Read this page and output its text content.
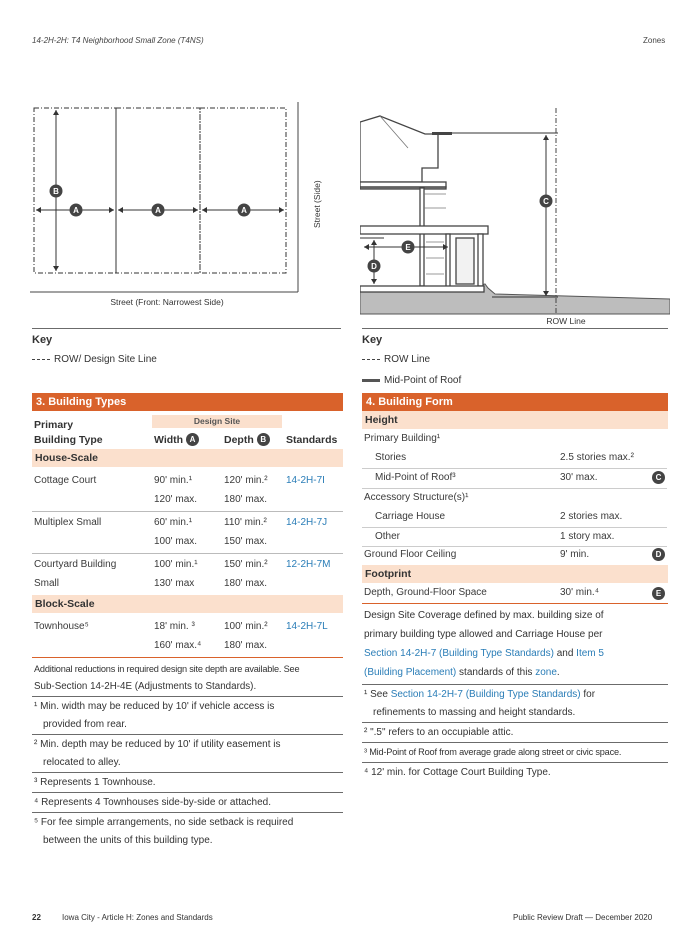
14-2H-2H: T4 Neighborhood Small Zone (T4NS)	Zones
A	A	A
B
Street (Front: Narrowest Side)
Street (Side)	C
D
E
ROW Line
Key
ROW/ Design Site Line
Key
ROW Line
Mid-Point of Roof
3. Building Types
Design Site
Primary
Building Type	Width A	Depth B	Standards
House-Scale
Cottage Court	90' min.¹	120' min.² 14-2H-7I
120' max.	180' max.
Multiplex Small	60' min.¹	110' min.² 14-2H-7J
100' max.	150' max.
Courtyard Building	100' min.¹	150' min.² 12-2H-7M
Small	130' max	180' max.
Block-Scale
Townhouse⁵	18' min. ³	100' min.² 14-2H-7L
160' max.⁴ 180' max.
Additional reductions in required design site depth are available. See
Sub-Section 14-2H-4E (Adjustments to Standards).
¹ Min. width may be reduced by 10' if vehicle access is
provided from rear.
² Min. depth may be reduced by 10' if utility easement is
relocated to alley.
³ Represents 1 Townhouse.
⁴ Represents 4 Townhouses side-by-side or attached.
⁵ For fee simple arrangements, no side setback is required
between the units of this building type.
4. Building Form
Height
Primary Building¹
Stories	2.5 stories max.²
Mid-Point of Roof³	30' max.	C
Accessory Structure(s)¹
Carriage House	2 stories max.
Other	1 story max.
Ground Floor Ceiling	9' min.	D
Footprint
Depth, Ground-Floor Space	30' min.⁴	E
Design Site Coverage defined by max. building size of
primary building type allowed and Carriage House per
Section 14-2H-7 (Building Type Standards) and Item 5
(Building Placement) standards of this zone.
¹ See Section 14-2H-7 (Building Type Standards) for
refinements to massing and height standards.
² ".5" refers to an occupiable attic.
³ Mid-Point of Roof from average grade along street or civic space.
⁴ 12' min. for Cottage Court Building Type.
22	Iowa City - Article H: Zones and Standards	Public Review Draft — December 2020
